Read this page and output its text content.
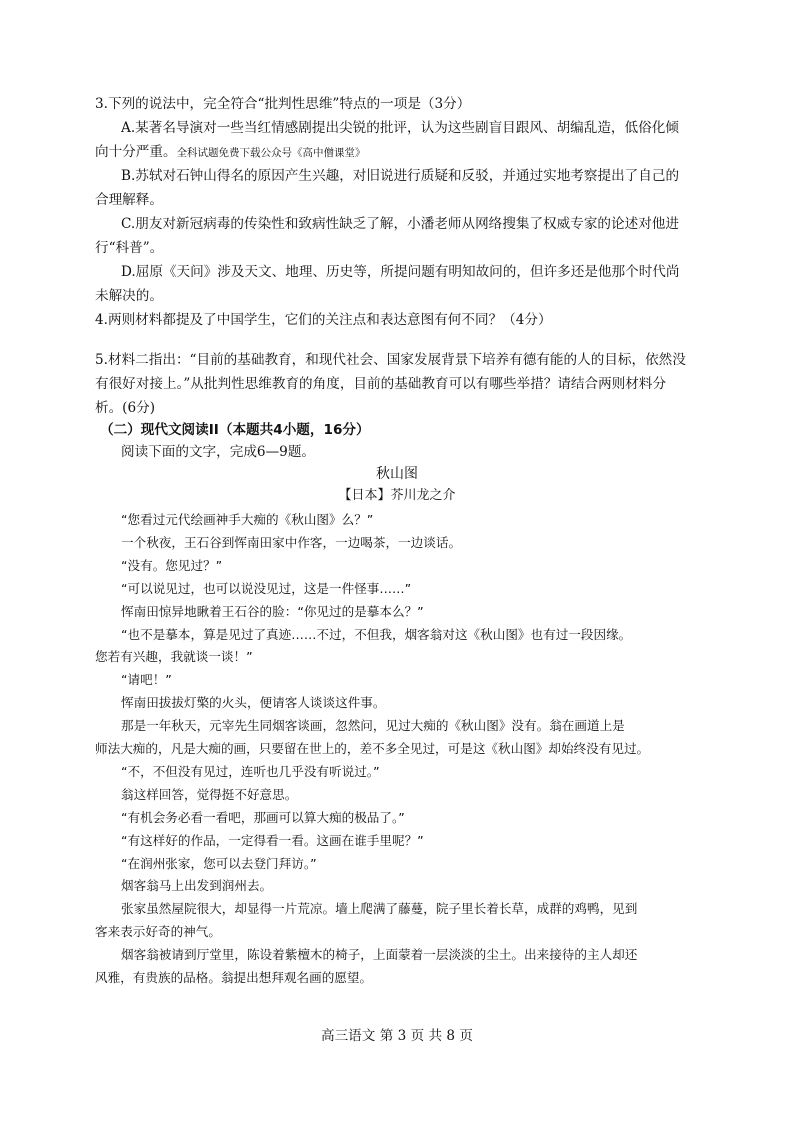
3.下列的说法中，完全符合“批判性思维”特点的一项是（3分）
A.某著名导演对一些当红情感剧提出尖锐的批评，认为这些剧盲目跟风、胡编乱造，低俗化倾
向十分严重。全科试题免费下载公众号《高中僧课堂》
B.苏轼对石钟山得名的原因产生兴趣，对旧说进行质疑和反驳，并通过实地考察提出了自己的
合理解释。
C.朋友对新冠病毒的传染性和致病性缺乏了解，小潘老师从网络搜集了权威专家的论述对他进
行“科普”。
D.屈原《天问》涉及天文、地理、历史等，所提问题有明知故问的，但许多还是他那个时代尚
未解决的。
4.两则材料都提及了中国学生，它们的关注点和表达意图有何不同？（4分）
5.材料二指出：“目前的基础教育，和现代社会、国家发展背景下培养有德有能的人的目标，依然没
有很好对接上。”从批判性思维教育的角度，目前的基础教育可以有哪些举措？请结合两则材料分
析。(6分)
（二）现代文阅读II（本题共4小题，16分）
阅读下面的文字，完成6—9题。
秋山图
【日本】芥川龙之介
“您看过元代绘画神手大痴的《秋山图》么？”
一个秋夜，王石谷到恽南田家中作客，一边喝茶，一边谈话。
“没有。您见过？”
“可以说见过，也可以说没见过，这是一件怪事……”
恽南田惊异地瞅着王石谷的脸：“你见过的是摹本么？”
“也不是摹本，算是见过了真迹……不过，不但我，烟客翁对这《秋山图》也有过一段因缘。
您若有兴趣，我就谈一谈！”
“请吧！”
恽南田拔拔灯檠的火头，便请客人谈谈这件事。
那是一年秋天，元宰先生同烟客谈画，忽然问，见过大痴的《秋山图》没有。翁在画道上是
师法大痴的，凡是大痴的画，只要留在世上的，差不多全见过，可是这《秋山图》却始终没有见过。
“不，不但没有见过，连听也几乎没有听说过。”
翁这样回答，觉得挺不好意思。
“有机会务必看一看吧，那画可以算大痴的极品了。”
“有这样好的作品，一定得看一看。这画在谁手里呢？”
“在润州张家，您可以去登门拜访。”
烟客翁马上出发到润州去。
张家虽然屋院很大，却显得一片荒凉。墙上爬满了藤蔓，院子里长着长草，成群的鸡鸭，见到
客来表示好奇的神气。
烟客翁被请到厅堂里，陈设着紫檀木的椅子，上面蒙着一层淡淡的尘土。出来接待的主人却还
风雅，有贵族的品格。翁提出想拜观名画的愿望。
高三语文 第 3 页 共 8 页
